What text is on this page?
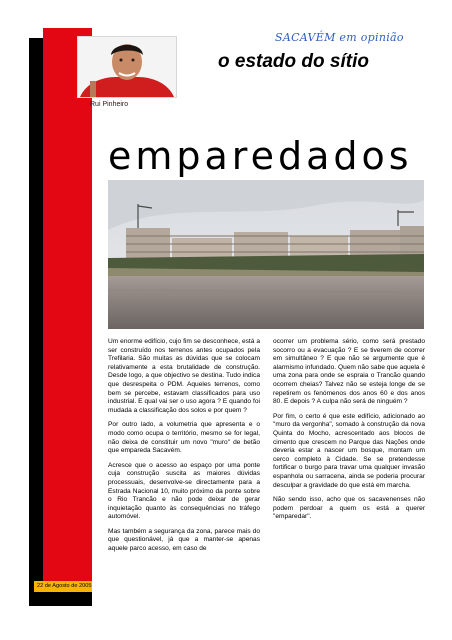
Rui Pinheiro
SACAVÉM em opinião
o estado do sítio
emparedados

Um enorme edifício, cujo fim se desconhece, está a ser construído nos terrenos antes ocupados pela Trefilaria. São muitas as dúvidas que se colocam relativamente a esta brutalidade de construção. Desde logo, a que objectivo se destina. Tudo indica que desrespeita o PDM. Aqueles terrenos, como bem se percebe, estavam classificados para uso industrial. E qual vai ser o uso agora ? E quando foi mudada a classificação dos solos e por quem ?

Por outro lado, a volumetria que apresenta e o modo como ocupa o território, mesmo se for legal, não deixa de constituir um novo "muro" de betão que empareda Sacavém.

Acresce que o acesso ao espaço por uma ponte cuja construção suscita as maiores dúvidas processuais, desenvolve-se directamente para a Estrada Nacional 10, muito próximo da ponte sobre o Rio Trancão e não pode deixar de gerar inquietação quanto às consequências no tráfego automóvel.

Mas também a segurança da zona, parece mais do que questionável, já que a manter-se apenas aquele parco acesso, em caso de

ocorrer um problema sério, como será prestado socorro ou a evacuação ? E se tiverem de ocorrer em simultâneo ? E que não se argumente que é alarmismo infundado. Quem não sabe que aquela é uma zona para onde se espraia o Trancão quando ocorrem cheias? Talvez não se esteja longe de se repetirem os fenómenos dos anos 60 e dos anos 80. E depois ? A culpa não será de ninguém ?

Por fim, o certo é que este edifício, adicionado ao "muro da vergonha", somado à construção da nova Quinta do Mocho, acrescentado aos blocos de cimento que crescem no Parque das Nações onde deveria estar a nascer um bosque, montam um cerco completo à Cidade. Se se pretendesse fortificar o burgo para travar uma qualquer invasão espanhola ou sarracena, ainda se poderia procurar desculpar a gravidade do que está em marcha.

Não sendo isso, acho que os sacavenenses não podem perdoar a quem os está a querer "emparedar".

22 de Agosto de 2005
